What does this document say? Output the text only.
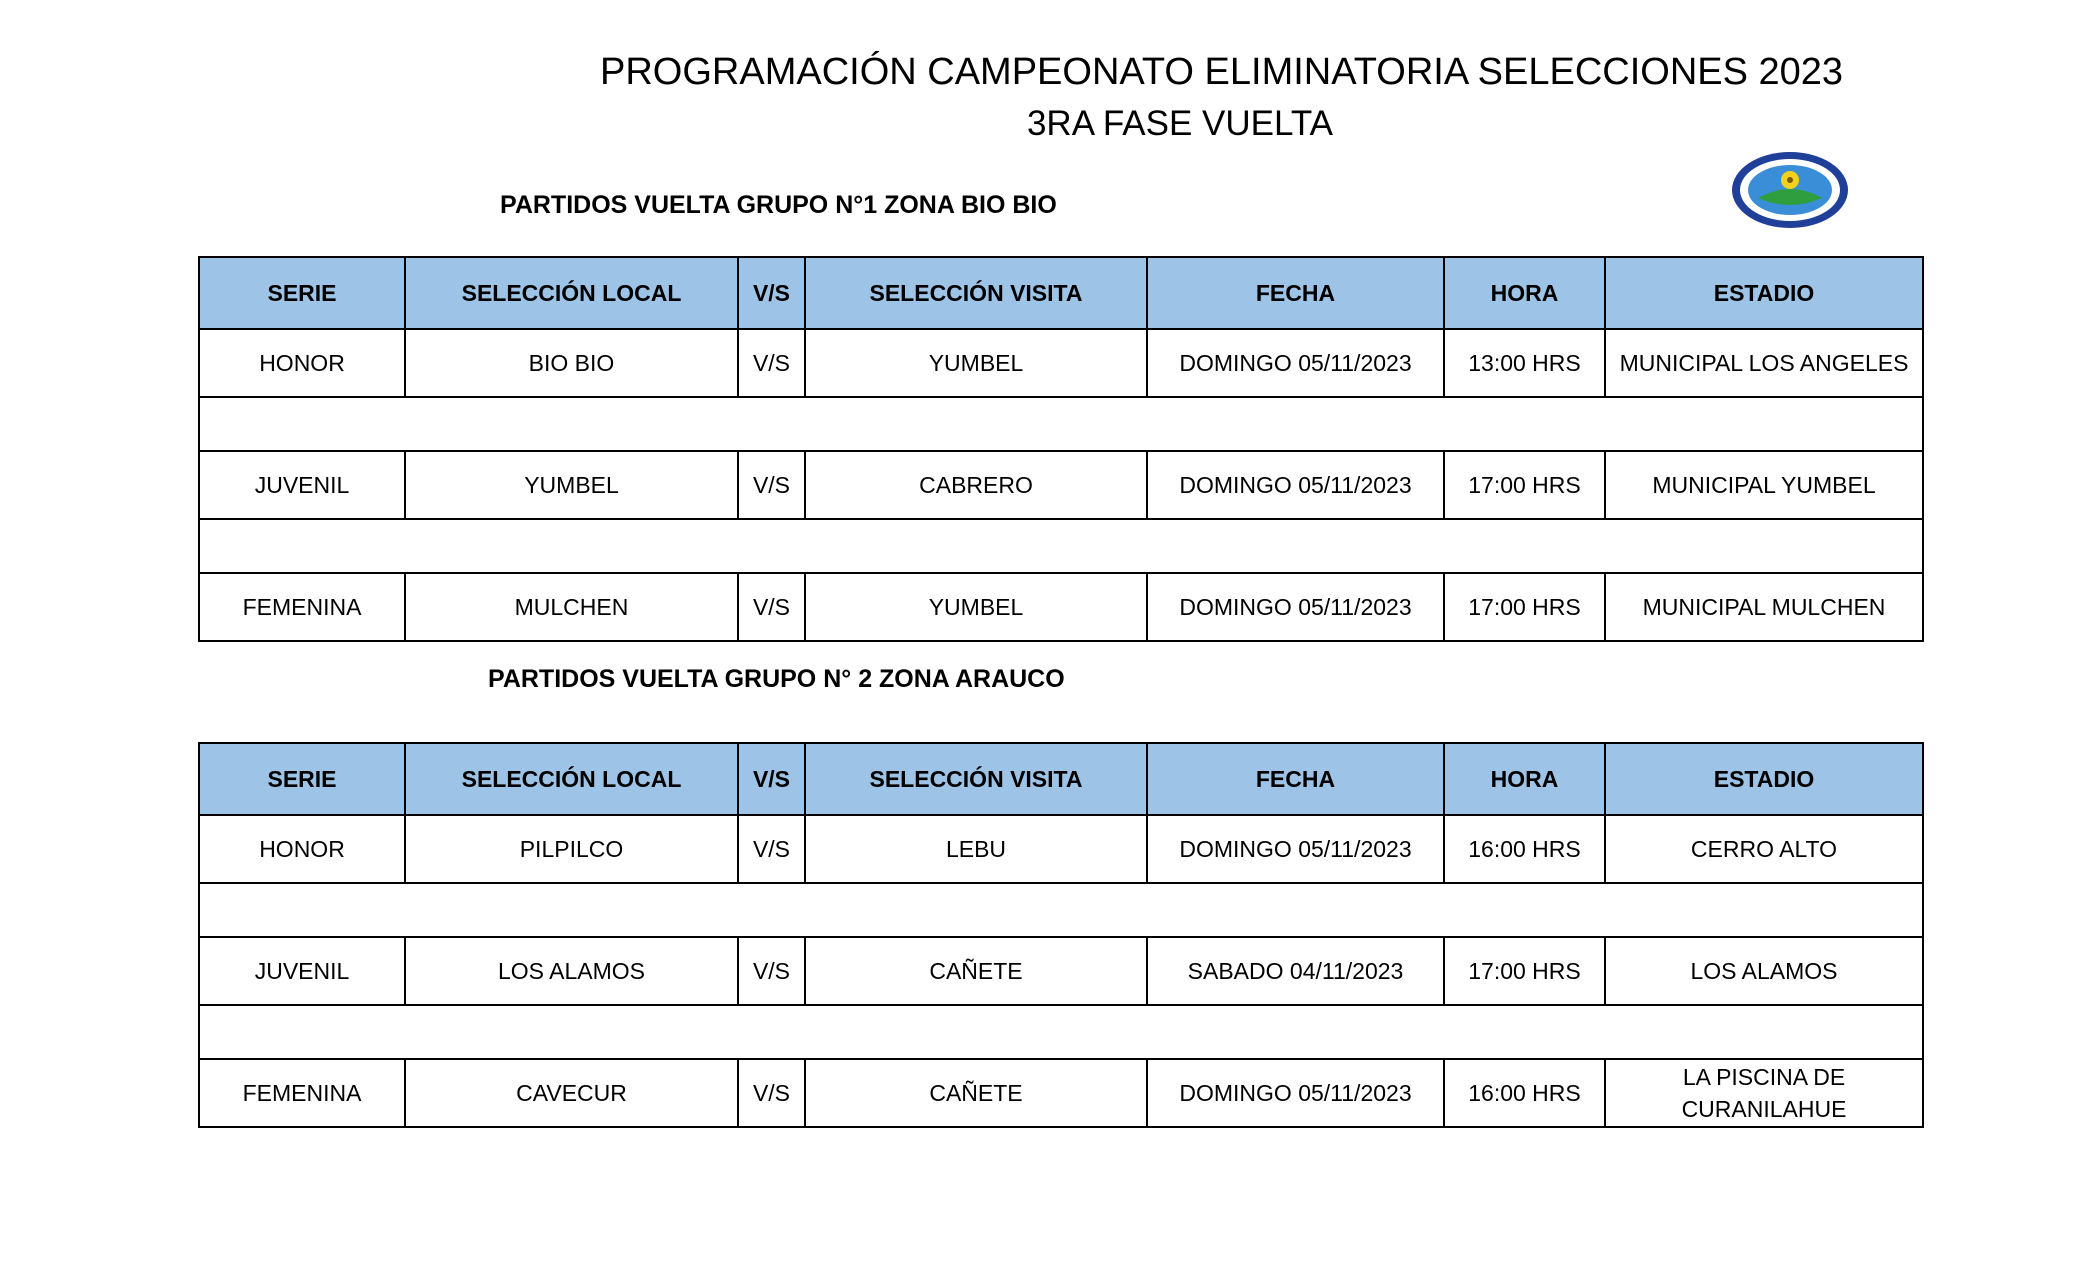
PROGRAMACIÓN CAMPEONATO ELIMINATORIA SELECCIONES 2023
3RA FASE VUELTA
PARTIDOS VUELTA GRUPO N°1 ZONA BIO BIO
SERIE	SELECCIÓN LOCAL	V/S	SELECCIÓN VISITA	FECHA	HORA	ESTADIO
HONOR	BIO BIO	V/S	YUMBEL	DOMINGO 05/11/2023	13:00 HRS	MUNICIPAL LOS ANGELES

JUVENIL	YUMBEL	V/S	CABRERO	DOMINGO 05/11/2023	17:00 HRS	MUNICIPAL YUMBEL

FEMENINA	MULCHEN	V/S	YUMBEL	DOMINGO 05/11/2023	17:00 HRS	MUNICIPAL MULCHEN
PARTIDOS VUELTA GRUPO N° 2 ZONA ARAUCO
SERIE	SELECCIÓN LOCAL	V/S	SELECCIÓN VISITA	FECHA	HORA	ESTADIO
HONOR	PILPILCO	V/S	LEBU	DOMINGO 05/11/2023	16:00 HRS	CERRO ALTO

JUVENIL	LOS ALAMOS	V/S	CAÑETE	SABADO 04/11/2023	17:00 HRS	LOS ALAMOS

FEMENINA	CAVECUR	V/S	CAÑETE	DOMINGO 05/11/2023	16:00 HRS	LA PISCINA DE CURANILAHUE
